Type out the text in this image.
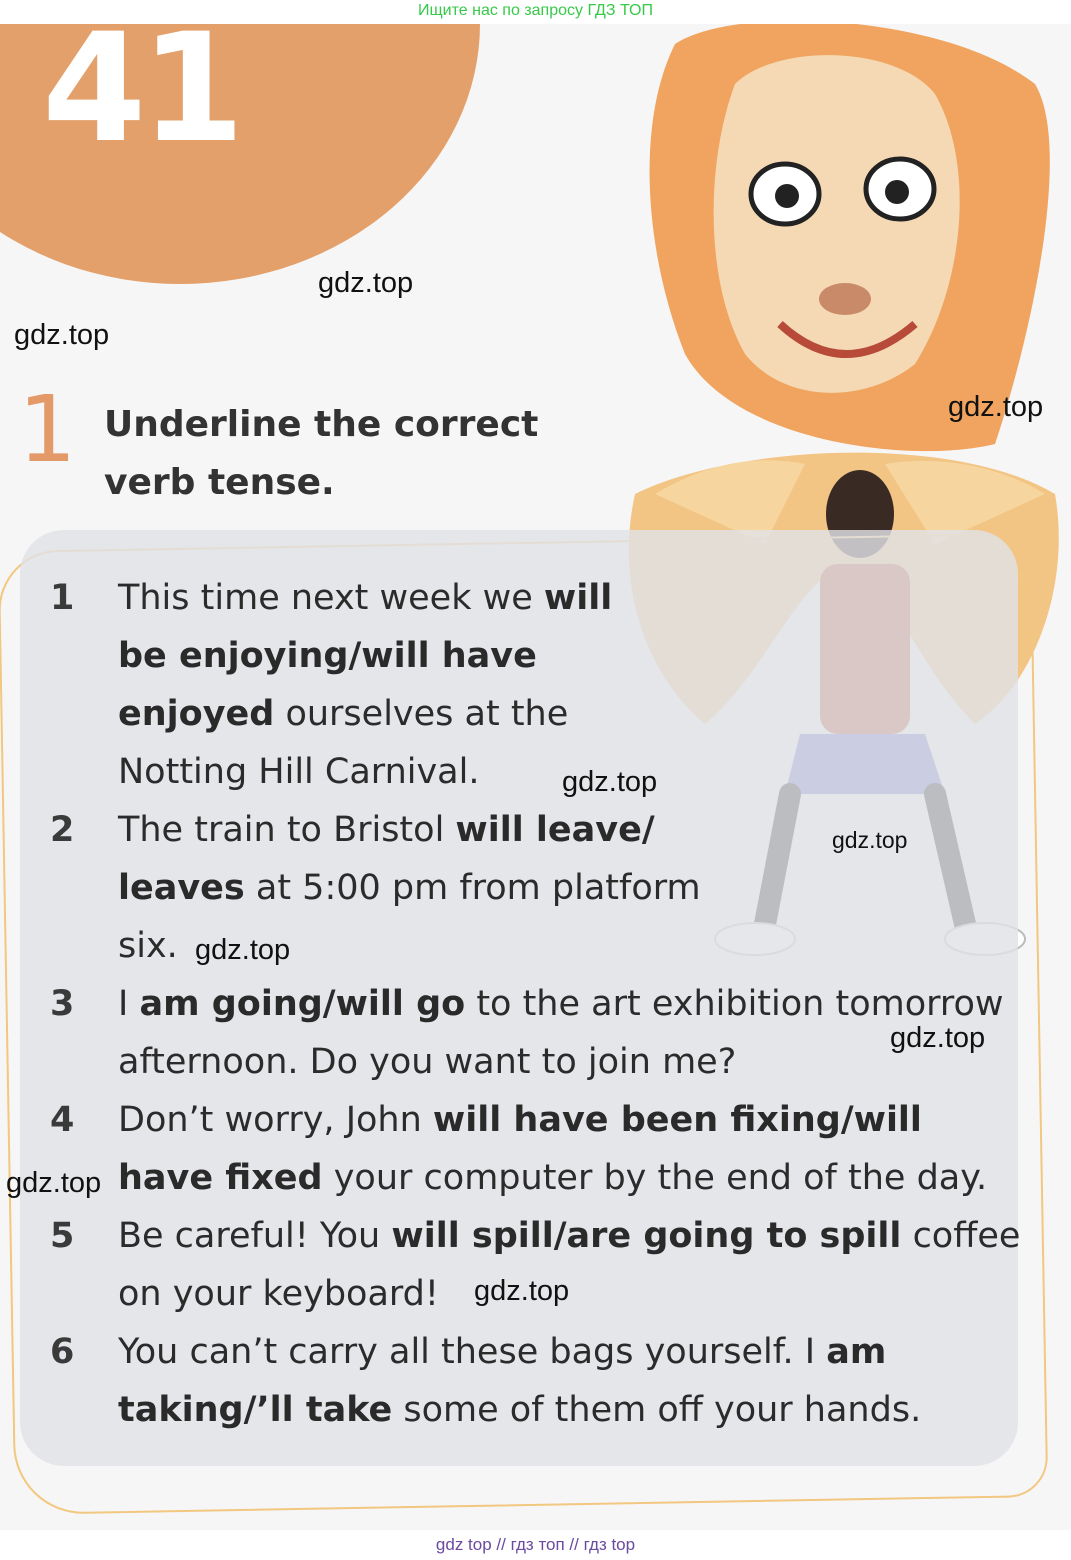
Ищите нас по запросу ГДЗ ТОП
41
1 Underline the correct
verb tense.
1 This time next week we will
be enjoying/will have
enjoyed ourselves at the
Notting Hill Carnival.
2 The train to Bristol will leave/
leaves at 5:00 pm from platform
six.
3 I am going/will go to the art exhibition tomorrow
afternoon. Do you want to join me?
4 Don’t worry, John will have been fixing/will
have fixed your computer by the end of the day.
5 Be careful! You will spill/are going to spill coffee
on your keyboard!
6 You can’t carry all these bags yourself. I am
taking/’ll take some of them off your hands.
gdz.top
gdz.top
gdz.top
gdz.top
gdz.top
gdz.top
gdz.top
gdz.top
gdz.top
gdz top // гдз топ // гдз top
